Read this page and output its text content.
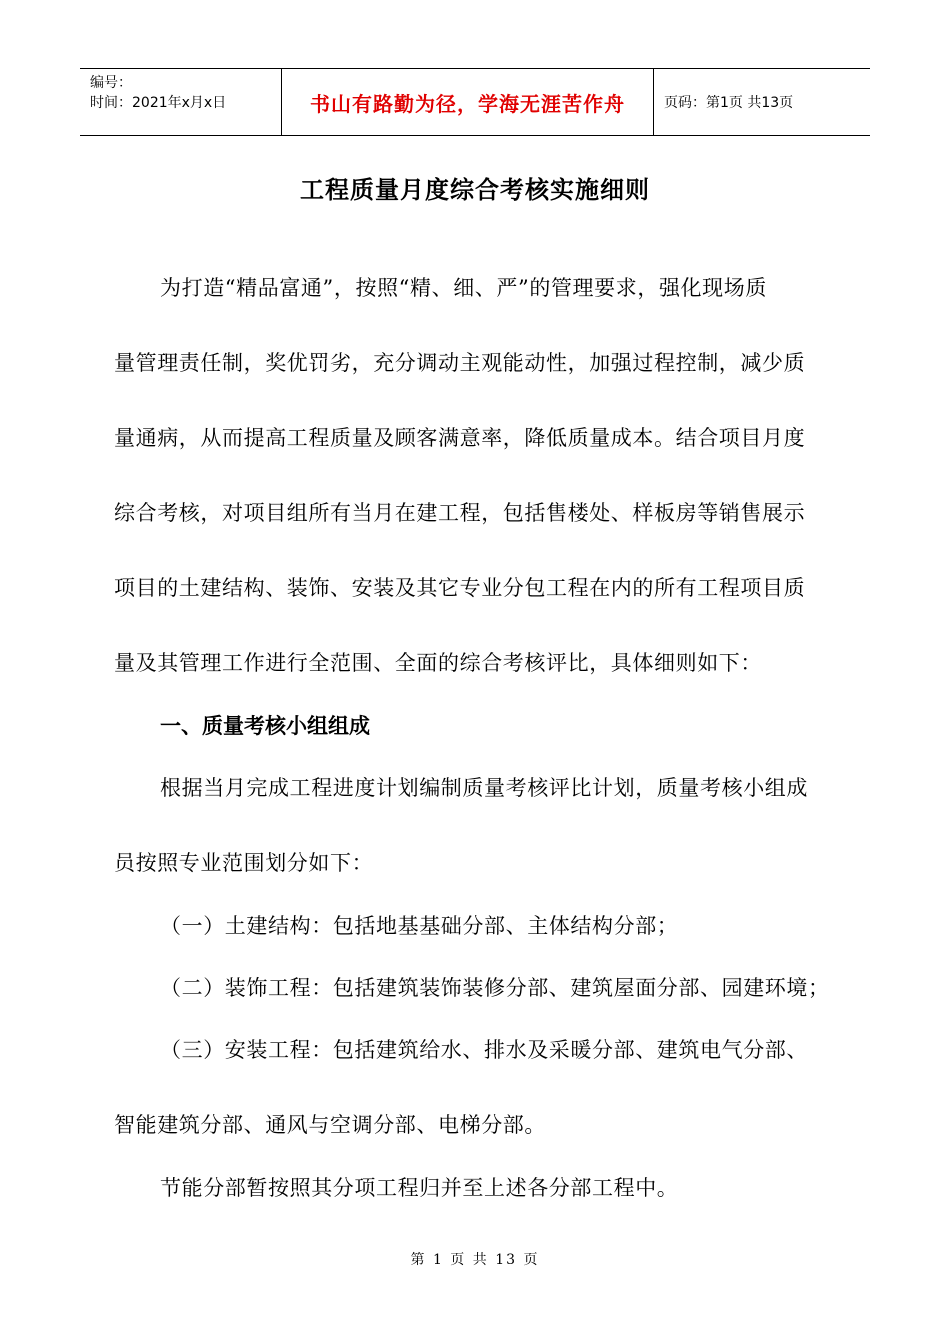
编号：
时间：2021年x月x日	书山有路勤为径，学海无涯苦作舟	页码：第1页 共13页
工程质量月度综合考核实施细则

为打造“精品富通”，按照“精、细、严”的管理要求，强化现场质

量管理责任制，奖优罚劣，充分调动主观能动性，加强过程控制，减少质

量通病，从而提高工程质量及顾客满意率，降低质量成本。结合项目月度

综合考核，对项目组所有当月在建工程，包括售楼处、样板房等销售展示

项目的土建结构、装饰、安装及其它专业分包工程在内的所有工程项目质

量及其管理工作进行全范围、全面的综合考核评比，具体细则如下：

一、质量考核小组组成

根据当月完成工程进度计划编制质量考核评比计划，质量考核小组成

员按照专业范围划分如下：

（一）土建结构：包括地基基础分部、主体结构分部；

（二）装饰工程：包括建筑装饰装修分部、建筑屋面分部、园建环境；

（三）安装工程：包括建筑给水、排水及采暖分部、建筑电气分部、

智能建筑分部、通风与空调分部、电梯分部。

节能分部暂按照其分项工程归并至上述各分部工程中。

第 1 页 共 13 页
